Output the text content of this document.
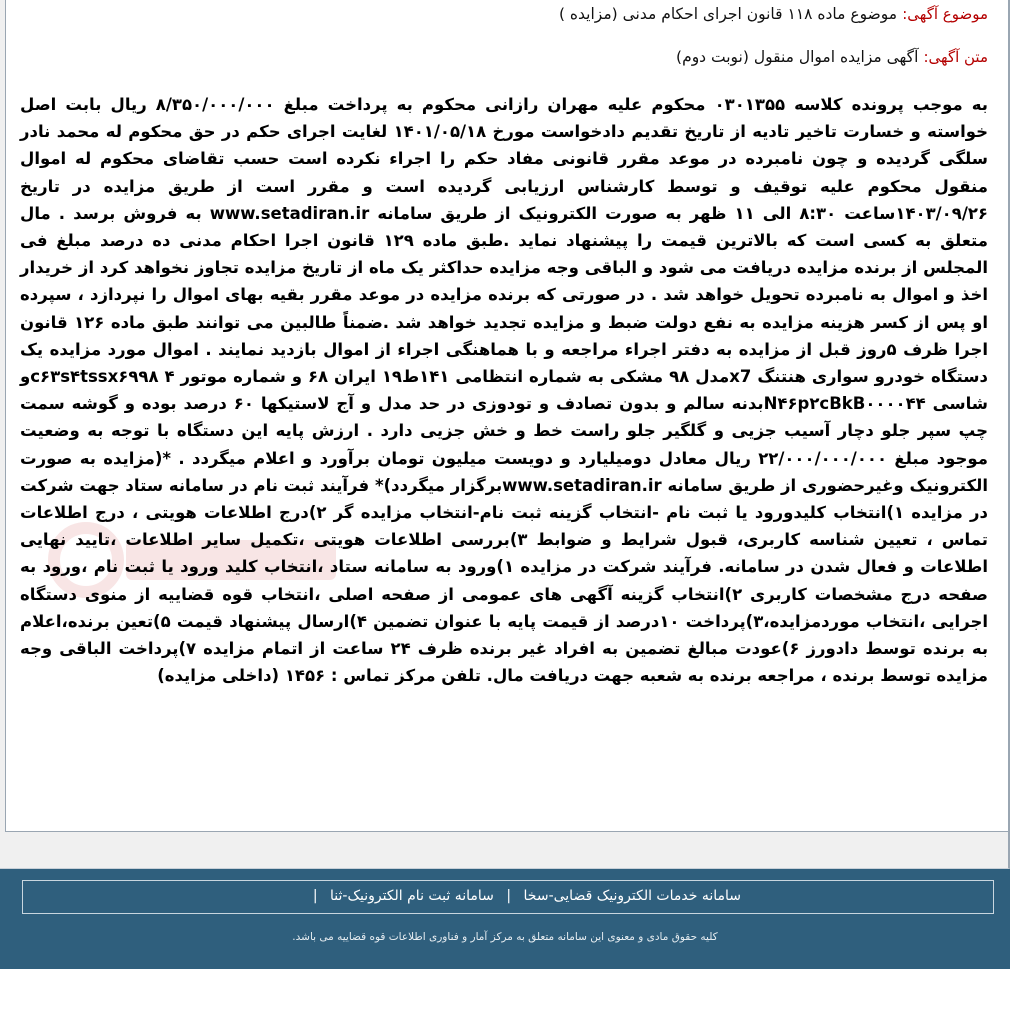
موضوع آگهی: موضوع ماده ۱۱۸ قانون اجرای احکام مدنی (مزایده )
متن آگهی: آگهی مزایده اموال منقول (نوبت دوم)
به موجب پرونده کلاسه ۰۳۰۱۳۵۵ محکوم علیه مهران رازانی محکوم به پرداخت مبلغ ۸/۳۵۰/۰۰۰/۰۰۰ ریال بابت اصل خواسته و خسارت تاخیر تادیه از تاریخ تقدیم دادخواست مورخ ۱۴۰۱/۰۵/۱۸ لغایت اجرای حکم در حق محکوم له محمد نادر سلگی گردیده و چون نامبرده در موعد مقرر قانونی مفاد حکم را اجراء نکرده است حسب تقاضای محکوم له اموال منقول محکوم علیه توقیف و توسط کارشناس ارزیابی گردیده است و مقرر است از طریق مزایده در تاریخ ۱۴۰۳/۰۹/۲۶ساعت ۸:۳۰ الی ۱۱ ظهر به صورت الکترونیک از طریق سامانه www.setadiran.ir به فروش برسد . مال متعلق به کسی است که بالاترین قیمت را پیشنهاد نماید .طبق ماده ۱۲۹ قانون اجرا احکام مدنی ده درصد مبلغ فی المجلس از برنده مزایده دریافت می شود و الباقی وجه مزایده حداکثر یک ماه از تاریخ مزایده تجاوز نخواهد کرد از خریدار اخذ و اموال به نامبرده تحویل خواهد شد . در صورتی که برنده مزایده در موعد مقرر بقیه بهای اموال را نپردازد ، سپرده او پس از کسر هزینه مزایده به نفع دولت ضبط و مزایده تجدید خواهد شد .ضمناً طالبین می توانند طبق ماده ۱۲۶ قانون اجرا ظرف ۵روز قبل از مزایده به دفتر اجراء مراجعه و با هماهنگی اجراء از اموال بازدید نمایند . اموال مورد مزایده یک دستگاه خودرو سواری هنتنگ x7مدل ۹۸ مشکی به شماره انتظامی ۱۴۱ط۱۹ ایران ۶۸ و شماره موتور ۴ c۶۳s۴tssx۶۹۹۸و شاسی N۴۶p۲cBkB۰۰۰۰۴۴بدنه سالم و بدون تصادف و تودوزی در حد مدل و آج لاستیکها ۶۰ درصد بوده و گوشه سمت چپ سپر جلو دچار آسیب جزیی و گلگیر جلو راست خط و خش جزیی دارد . ارزش پایه این دستگاه با توجه به وضعیت موجود مبلغ ۲۲/۰۰۰/۰۰۰/۰۰۰ ریال معادل دومیلیارد و دویست میلیون تومان برآورد و اعلام میگردد . *(مزایده به صورت الکترونیک وغیرحضوری از طریق سامانه www.setadiran.irبرگزار میگردد)* فرآیند ثبت نام در سامانه ستاد جهت شرکت در مزایده ۱)انتخاب کلیدورود یا ثبت نام -انتخاب گزینه ثبت نام-انتخاب مزایده گر ۲)درج اطلاعات هویتی ، درج اطلاعات تماس ، تعیین شناسه کاربری، قبول شرایط و ضوابط ۳)بررسی اطلاعات هویتی ،تکمیل سایر اطلاعات ،تایید نهایی اطلاعات و فعال شدن در سامانه. فرآیند شرکت در مزایده ۱)ورود به سامانه ستاد ،انتخاب کلید ورود یا ثبت نام ،ورود به صفحه درج مشخصات کاربری ۲)انتخاب گزینه آگهی های عمومی از صفحه اصلی ،انتخاب قوه قضاییه از منوی دستگاه اجرایی ،انتخاب موردمزایده،۳)پرداخت ۱۰درصد از قیمت پایه با عنوان تضمین ۴)ارسال پیشنهاد قیمت ۵)تعین برنده،اعلام به برنده توسط دادورز ۶)عودت مبالغ تضمین به افراد غیر برنده ظرف ۲۴ ساعت از اتمام مزایده ۷)پرداخت الباقی وجه مزایده توسط برنده ، مراجعه برنده به شعبه جهت دریافت مال. تلفن مرکز تماس : ۱۴۵۶ (داخلی مزایده)
سامانه خدمات الکترونیک قضایی-سخا | سامانه ثبت نام الکترونیک-ثنا |
کلیه حقوق مادی و معنوی این سامانه متعلق به مرکز آمار و فناوری اطلاعات قوه قضاییه می باشد.
